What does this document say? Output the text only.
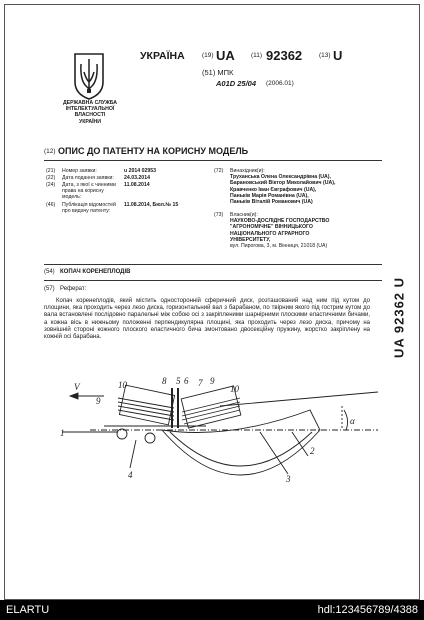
ДЕРЖАВНА СЛУЖБА
ІНТЕЛЕКТУАЛЬНОЇ
ВЛАСНОСТІ
УКРАЇНИ
УКРАЇНА	(19) UA (11) 92362	(13) U
(51) МПК
A01D 25/04 (2006.01)
(12) ОПИС ДО ПАТЕНТУ НА КОРИСНУ МОДЕЛЬ
(21) Номер заявки:	u 2014 02953
(22) Дата подання заявки: 24.03.2014
(24) Дата, з якої є чинними права на корисну модель:
11.08.2014
(46) Публікація відомостей про видачу патенту:
11.08.2014, Бюл.№ 15
(72) Винахідник(и):
Труханська Олена Олександрівна (UA),
Барановський Віктор Миколайович (UA),
Кравченко Іван Євграфович (UA),
Паньків Марія Романівна (UA),
Паньків Віталій Романович (UA)
(73) Власник(и):
НАУКОВО-ДОСЛІДНЕ ГОСПОДАРСТВО
"АГРОНОМІЧНЕ" ВІННИЦЬКОГО
НАЦІОНАЛЬНОГО АГРАРНОГО
УНІВЕРСИТЕТУ,
вул. Пирогова, 3, м. Вінниця, 21018 (UA)
(54) КОПАЧ КОРЕНЕПЛОДІВ
(57) Реферат:
Копач коренеплодів, який містить односторонній сферичний диск, розташований над ним під кутом до площини, яка проходить через лезо диска, горизонтальний вал з барабаном, по твірним якого під гострим кутом до вала встановлені послідовно паралельні між собою осі з закріпленими шарнірними плоскими еластичними бичами, а кожна вісь в нижньому положенні перпендикулярна площині, яка проходить через лезо диска, причому на зовнішній стороні кожного плоского еластичного бича змонтовано двосекційну пружину, жорстко закріплену на кожній осі барабана.	UA 92362 U
V
1
2
3
4
5 6 7
8
9
9
10	10
α
ELARTU	hdl:123456789/4388
